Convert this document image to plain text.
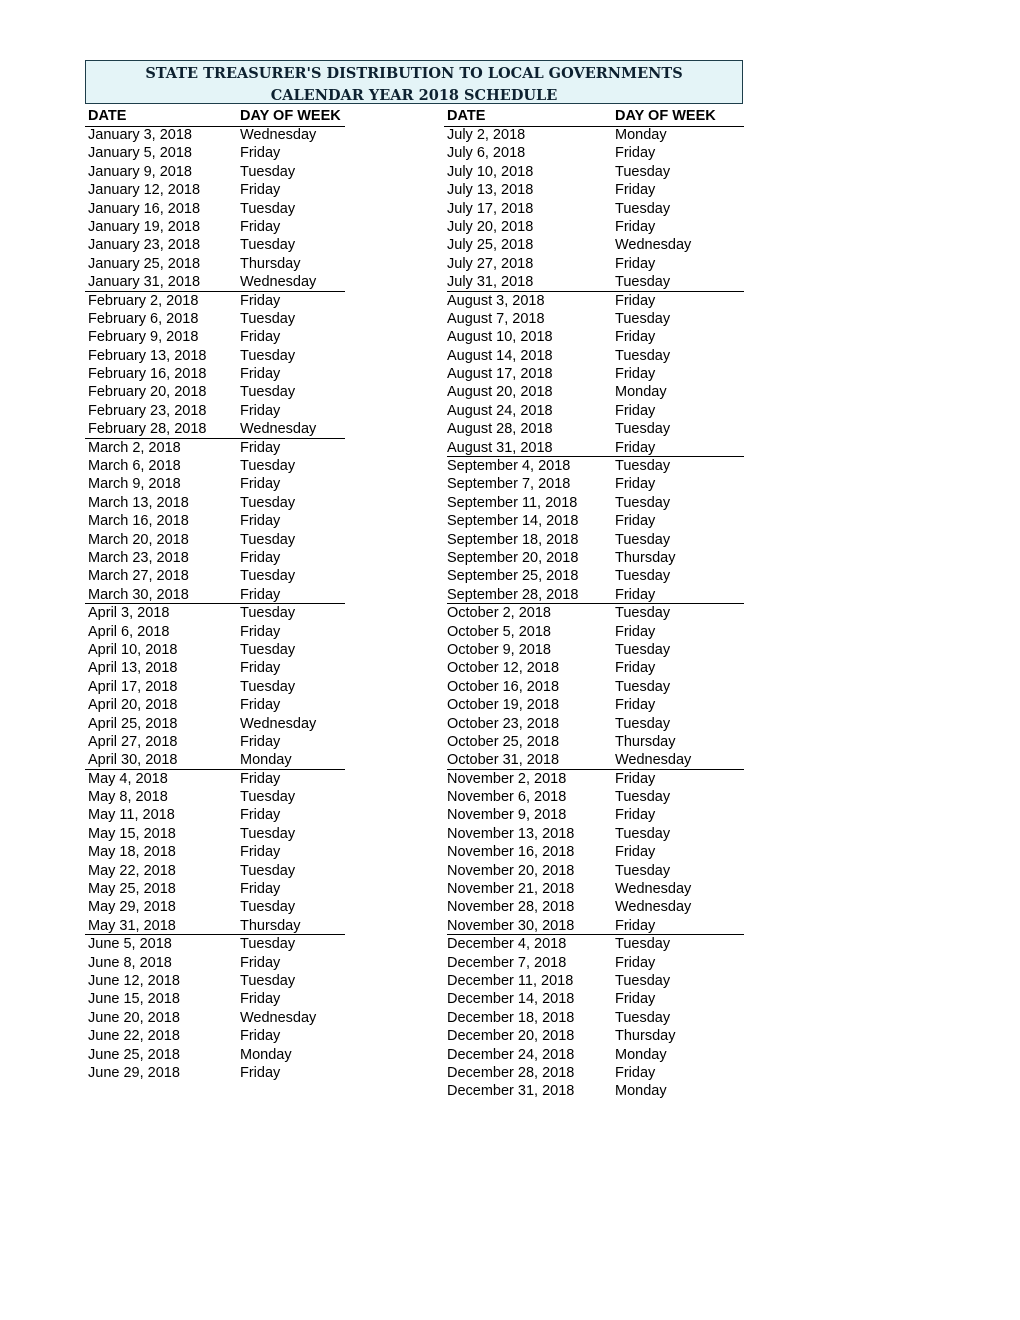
STATE TREASURER'S DISTRIBUTION TO LOCAL GOVERNMENTS
CALENDAR YEAR 2018 SCHEDULE
DATE	DAY OF WEEK	DATE	DAY OF WEEK
January 3, 2018	Wednesday
January 5, 2018	Friday
January 9, 2018	Tuesday
January 12, 2018	Friday
January 16, 2018	Tuesday
January 19, 2018	Friday
January 23, 2018	Tuesday
January 25, 2018	Thursday
January 31, 2018	Wednesday
February 2, 2018	Friday
February 6, 2018	Tuesday
February 9, 2018	Friday
February 13, 2018 Tuesday
February 16, 2018 Friday
February 20, 2018 Tuesday
February 23, 2018 Friday
February 28, 2018 Wednesday
March 2, 2018	Friday
March 6, 2018	Tuesday
March 9, 2018	Friday
March 13, 2018	Tuesday
March 16, 2018	Friday
March 20, 2018	Tuesday
March 23, 2018	Friday
March 27, 2018	Tuesday
March 30, 2018	Friday
April 3, 2018	Tuesday
April 6, 2018	Friday
April 10, 2018	Tuesday
April 13, 2018	Friday
April 17, 2018	Tuesday
April 20, 2018	Friday
April 25, 2018	Wednesday
April 27, 2018	Friday
April 30, 2018	Monday
May 4, 2018	Friday
May 8, 2018	Tuesday
May 11, 2018	Friday
May 15, 2018	Tuesday
May 18, 2018	Friday
May 22, 2018	Tuesday
May 25, 2018	Friday
May 29, 2018	Tuesday
May 31, 2018	Thursday
June 5, 2018	Tuesday
June 8, 2018	Friday
June 12, 2018	Tuesday
June 15, 2018	Friday
June 20, 2018	Wednesday
June 22, 2018	Friday
June 25, 2018	Monday
June 29, 2018	Friday
July 2, 2018	Monday
July 6, 2018	Friday
July 10, 2018	Tuesday
July 13, 2018	Friday
July 17, 2018	Tuesday
July 20, 2018	Friday
July 25, 2018	Wednesday
July 27, 2018	Friday
July 31, 2018	Tuesday
August 3, 2018	Friday
August 7, 2018	Tuesday
August 10, 2018	Friday
August 14, 2018	Tuesday
August 17, 2018	Friday
August 20, 2018	Monday
August 24, 2018	Friday
August 28, 2018	Tuesday
August 31, 2018	Friday
September 4, 2018	Tuesday
September 7, 2018	Friday
September 11, 2018	Tuesday
September 14, 2018	Friday
September 18, 2018	Tuesday
September 20, 2018	Thursday
September 25, 2018	Tuesday
September 28, 2018	Friday
October 2, 2018	Tuesday
October 5, 2018	Friday
October 9, 2018	Tuesday
October 12, 2018	Friday
October 16, 2018	Tuesday
October 19, 2018	Friday
October 23, 2018	Tuesday
October 25, 2018	Thursday
October 31, 2018	Wednesday
November 2, 2018	Friday
November 6, 2018	Tuesday
November 9, 2018	Friday
November 13, 2018	Tuesday
November 16, 2018	Friday
November 20, 2018	Tuesday
November 21, 2018	Wednesday
November 28, 2018	Wednesday
November 30, 2018	Friday
December 4, 2018	Tuesday
December 7, 2018	Friday
December 11, 2018	Tuesday
December 14, 2018	Friday
December 18, 2018	Tuesday
December 20, 2018	Thursday
December 24, 2018	Monday
December 28, 2018	Friday
December 31, 2018	Monday
